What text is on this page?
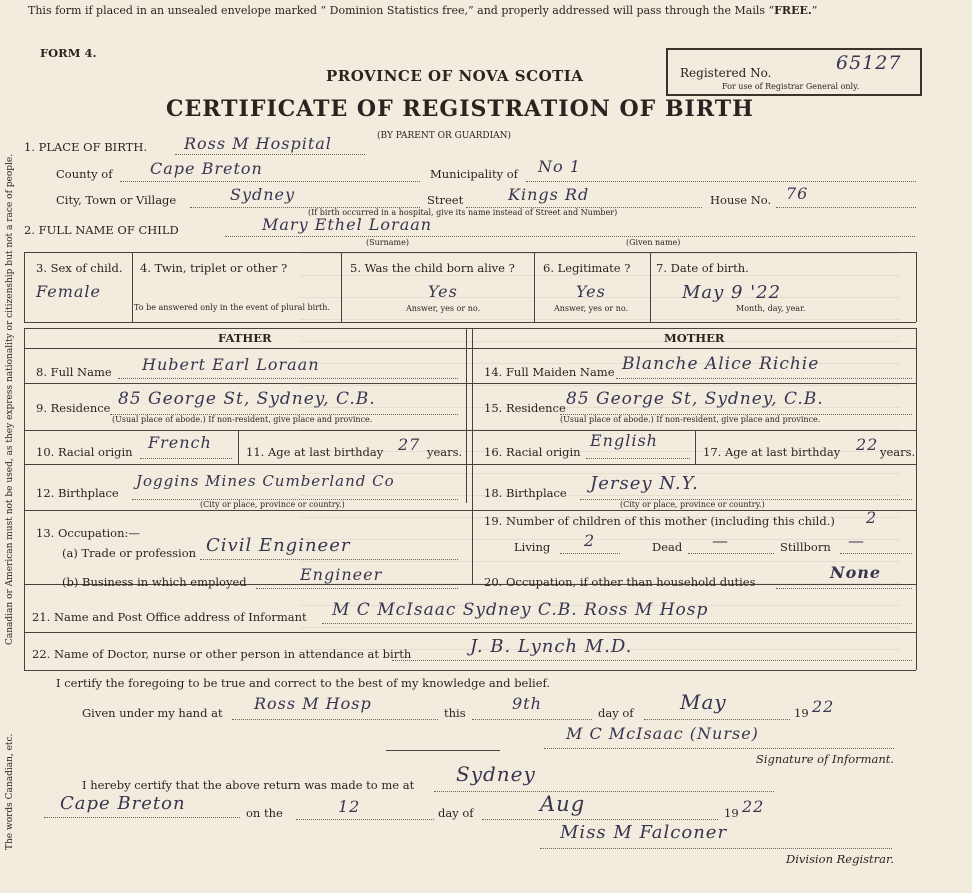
Canadian or American must not be used, as they express nationality or citizenship but not a race of people.
The words Canadian, etc.
This form if placed in an unsealed envelope marked “ Dominion Statistics free,” and properly addressed will pass through the Mails “FREE.”
FORM 4.
Registered No.	65127
For use of Registrar General only.
PROVINCE OF NOVA SCOTIA
CERTIFICATE OF REGISTRATION OF BIRTH
(BY PARENT OR GUARDIAN)
1. PLACE OF BIRTH. Ross M Hospital
County of Cape Breton	Municipality of No 1
City, Town or Village	Sydney	Street	Kings Rd	House No. 76
(If birth occurred in a hospital, give its name instead of Street and Number)
2. FULL NAME OF CHILD	Mary Ethel Loraan
(Surname)	(Given name)
3. Sex of child.
Female
4. Twin, triplet or other ?
To be answered only in the event of plural birth.
5. Was the child born alive ?
Yes
Answer, yes or no.
6. Legitimate ?
Yes
Answer, yes or no.
7. Date of birth.
May 9 '22
Month, day, year.
FATHER	MOTHER
8. Full Name Hubert Earl Loraan
9. Residence 85 George St, Sydney, C.B.
(Usual place of abode.) If non-resident, give place and province.
10. Racial origin French	11. Age at last birthday 27 years.
12. Birthplace
Joggins Mines Cumberland Co
(City or place, province or country.)
13. Occupation:—
(a) Trade or profession Civil Engineer
(b) Business in which employed	Engineer
14. Full Maiden Name Blanche Alice Richie
15. Residence 85 George St, Sydney, C.B.
(Usual place of abode.) If non-resident, give place and province.
16. Racial origin
English
17. Age at last birthday 22 years.
18. Birthplace Jersey N.Y.
(City or place, province or country.)
19. Number of children of this mother (including this child.) 2
Living 2	Dead —	Stillborn —
20. Occupation, if other than household duties	None
21. Name and Post Office address of Informant M C McIsaac Sydney C.B. Ross M Hosp
22. Name of Doctor, nurse or other person in attendance at birth	J. B. Lynch M.D.
I certify the foregoing to be true and correct to the best of my knowledge and belief.
Given under my hand at Ross M Hosp	this	9th	day of May	19 22
M C McIsaac (Nurse)
Signature of Informant.
I hereby certify that the above return was made to me at Sydney
Cape Breton	on the	12	day of	Aug	19 22
Miss M Falconer
Division Registrar.
